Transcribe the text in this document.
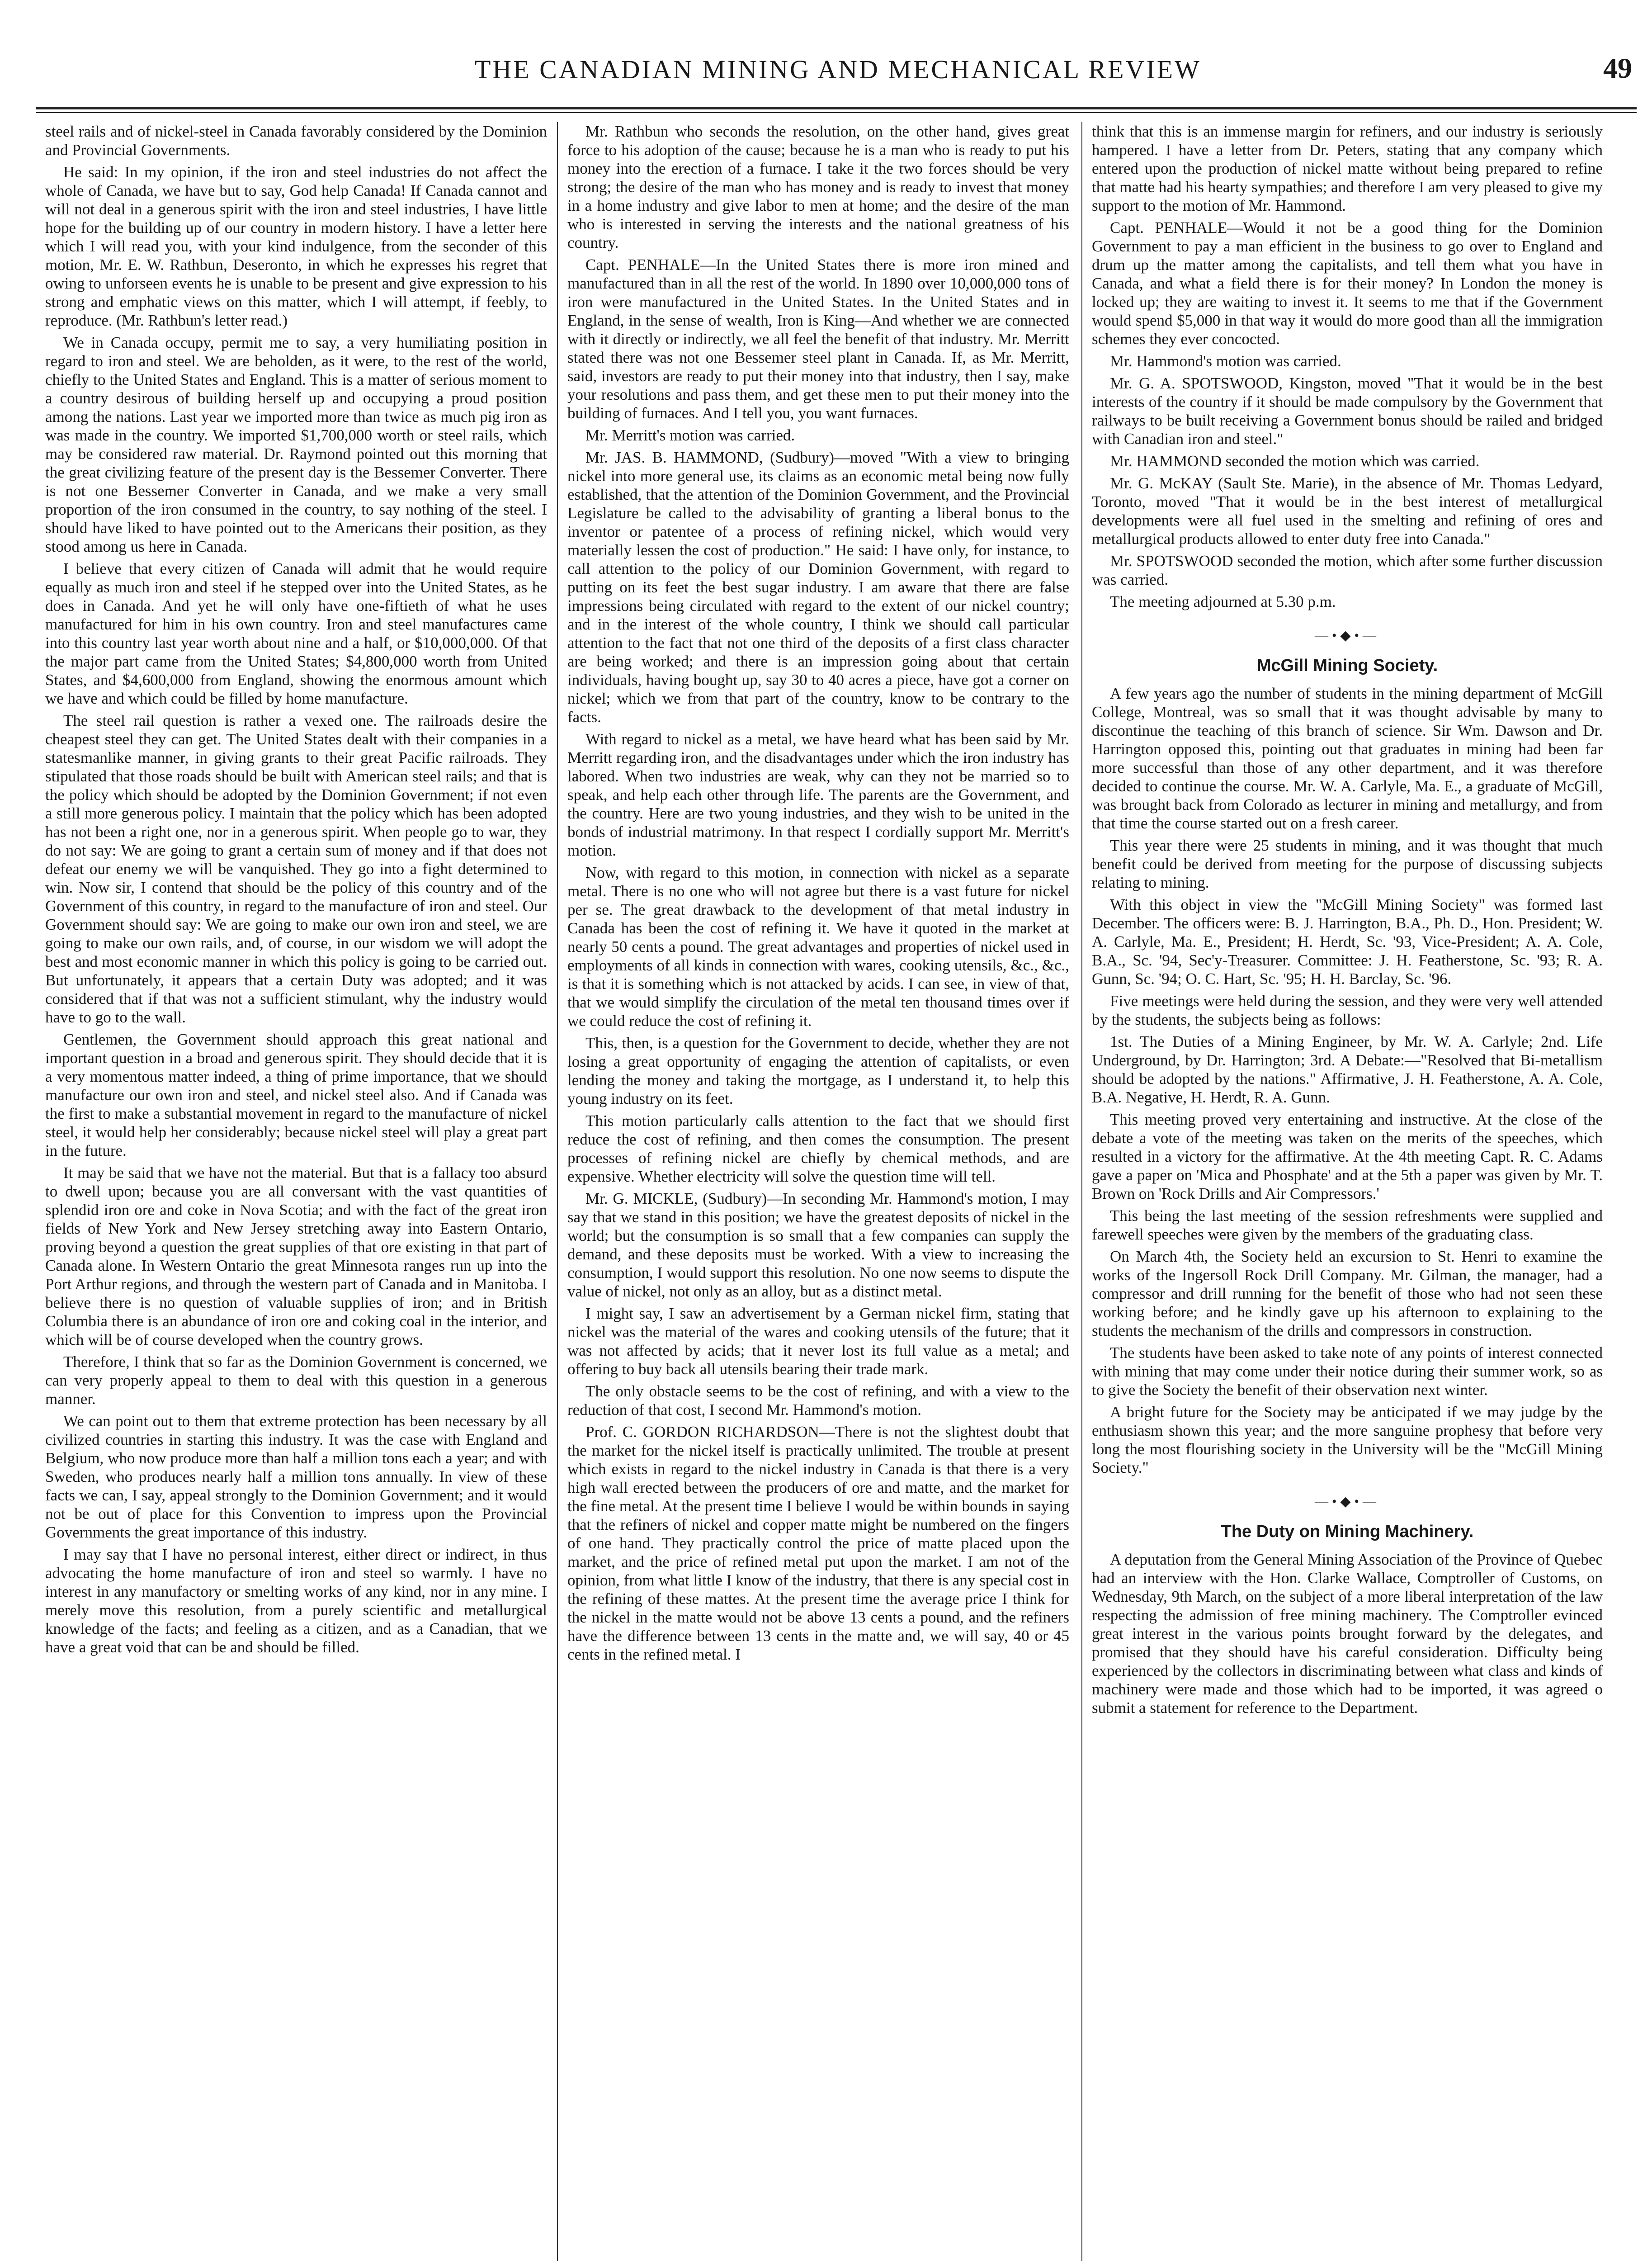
THE CANADIAN MINING AND MECHANICAL REVIEW	49

steel rails and of nickel-steel in Canada favorably considered by the Dominion and Provincial Governments.

He said: In my opinion, if the iron and steel industries do not affect the whole of Canada, we have but to say, God help Canada! If Canada cannot and will not deal in a generous spirit with the iron and steel industries, I have little hope for the building up of our country in modern history. I have a letter here which I will read you, with your kind indulgence, from the seconder of this motion, Mr. E. W. Rathbun, Deseronto, in which he expresses his regret that owing to unforseen events he is unable to be present and give expression to his strong and emphatic views on this matter, which I will attempt, if feebly, to reproduce. (Mr. Rathbun's letter read.)

We in Canada occupy, permit me to say, a very humiliating position in regard to iron and steel. We are beholden, as it were, to the rest of the world, chiefly to the United States and England. This is a matter of serious moment to a country desirous of building herself up and occupying a proud position among the nations. Last year we imported more than twice as much pig iron as was made in the country. We imported $1,700,000 worth or steel rails, which may be considered raw material. Dr. Raymond pointed out this morning that the great civilizing feature of the present day is the Bessemer Converter. There is not one Bessemer Converter in Canada, and we make a very small proportion of the iron consumed in the country, to say nothing of the steel. I should have liked to have pointed out to the Americans their position, as they stood among us here in Canada.

I believe that every citizen of Canada will admit that he would require equally as much iron and steel if he stepped over into the United States, as he does in Canada. And yet he will only have one-fiftieth of what he uses manufactured for him in his own country. Iron and steel manufactures came into this country last year worth about nine and a half, or $10,000,000. Of that the major part came from the United States; $4,800,000 worth from United States, and $4,600,000 from England, showing the enormous amount which we have and which could be filled by home manufacture.

The steel rail question is rather a vexed one. The railroads desire the cheapest steel they can get. The United States dealt with their companies in a statesmanlike manner, in giving grants to their great Pacific railroads. They stipulated that those roads should be built with American steel rails; and that is the policy which should be adopted by the Dominion Government; if not even a still more generous policy. I maintain that the policy which has been adopted has not been a right one, nor in a generous spirit. When people go to war, they do not say: We are going to grant a certain sum of money and if that does not defeat our enemy we will be vanquished. They go into a fight determined to win. Now sir, I contend that should be the policy of this country and of the Government of this country, in regard to the manufacture of iron and steel. Our Government should say: We are going to make our own iron and steel, we are going to make our own rails, and, of course, in our wisdom we will adopt the best and most economic manner in which this policy is going to be carried out. But unfortunately, it appears that a certain Duty was adopted; and it was considered that if that was not a sufficient stimulant, why the industry would have to go to the wall.

Gentlemen, the Government should approach this great national and important question in a broad and generous spirit. They should decide that it is a very momentous matter indeed, a thing of prime importance, that we should manufacture our own iron and steel, and nickel steel also. And if Canada was the first to make a substantial movement in regard to the manufacture of nickel steel, it would help her considerably; because nickel steel will play a great part in the future.

It may be said that we have not the material. But that is a fallacy too absurd to dwell upon; because you are all conversant with the vast quantities of splendid iron ore and coke in Nova Scotia; and with the fact of the great iron fields of New York and New Jersey stretching away into Eastern Ontario, proving beyond a question the great supplies of that ore existing in that part of Canada alone. In Western Ontario the great Minnesota ranges run up into the Port Arthur regions, and through the western part of Canada and in Manitoba. I believe there is no question of valuable supplies of iron; and in British Columbia there is an abundance of iron ore and coking coal in the interior, and which will be of course developed when the country grows.

Therefore, I think that so far as the Dominion Government is concerned, we can very properly appeal to them to deal with this question in a generous manner.

We can point out to them that extreme protection has been necessary by all civilized countries in starting this industry. It was the case with England and Belgium, who now produce more than half a million tons each a year; and with Sweden, who produces nearly half a million tons annually. In view of these facts we can, I say, appeal strongly to the Dominion Government; and it would not be out of place for this Convention to impress upon the Provincial Governments the great importance of this industry.

I may say that I have no personal interest, either direct or indirect, in thus advocating the home manufacture of iron and steel so warmly. I have no interest in any manufactory or smelting works of any kind, nor in any mine. I merely move this resolution, from a purely scientific and metallurgical knowledge of the facts; and feeling as a citizen, and as a Canadian, that we have a great void that can be and should be filled.

Mr. Rathbun who seconds the resolution, on the other hand, gives great force to his adoption of the cause; because he is a man who is ready to put his money into the erection of a furnace. I take it the two forces should be very strong; the desire of the man who has money and is ready to invest that money in a home industry and give labor to men at home; and the desire of the man who is interested in serving the interests and the national greatness of his country.

Capt. PENHALE—In the United States there is more iron mined and manufactured than in all the rest of the world. In 1890 over 10,000,000 tons of iron were manufactured in the United States. In the United States and in England, in the sense of wealth, Iron is King—And whether we are connected with it directly or indirectly, we all feel the benefit of that industry. Mr. Merritt stated there was not one Bessemer steel plant in Canada. If, as Mr. Merritt, said, investors are ready to put their money into that industry, then I say, make your resolutions and pass them, and get these men to put their money into the building of furnaces. And I tell you, you want furnaces.

Mr. Merritt's motion was carried.

Mr. JAS. B. HAMMOND, (Sudbury)—moved "With a view to bringing nickel into more general use, its claims as an economic metal being now fully established, that the attention of the Dominion Government, and the Provincial Legislature be called to the advisability of granting a liberal bonus to the inventor or patentee of a process of refining nickel, which would very materially lessen the cost of production." He said: I have only, for instance, to call attention to the policy of our Dominion Government, with regard to putting on its feet the best sugar industry. I am aware that there are false impressions being circulated with regard to the extent of our nickel country; and in the interest of the whole country, I think we should call particular attention to the fact that not one third of the deposits of a first class character are being worked; and there is an impression going about that certain individuals, having bought up, say 30 to 40 acres a piece, have got a corner on nickel; which we from that part of the country, know to be contrary to the facts.

With regard to nickel as a metal, we have heard what has been said by Mr. Merritt regarding iron, and the disadvantages under which the iron industry has labored. When two industries are weak, why can they not be married so to speak, and help each other through life. The parents are the Government, and the country. Here are two young industries, and they wish to be united in the bonds of industrial matrimony. In that respect I cordially support Mr. Merritt's motion.

Now, with regard to this motion, in connection with nickel as a separate metal. There is no one who will not agree but there is a vast future for nickel per se. The great drawback to the development of that metal industry in Canada has been the cost of refining it. We have it quoted in the market at nearly 50 cents a pound. The great advantages and properties of nickel used in employments of all kinds in connection with wares, cooking utensils, &c., &c., is that it is something which is not attacked by acids. I can see, in view of that, that we would simplify the circulation of the metal ten thousand times over if we could reduce the cost of refining it.

This, then, is a question for the Government to decide, whether they are not losing a great opportunity of engaging the attention of capitalists, or even lending the money and taking the mortgage, as I understand it, to help this young industry on its feet.

This motion particularly calls attention to the fact that we should first reduce the cost of refining, and then comes the consumption. The present processes of refining nickel are chiefly by chemical methods, and are expensive. Whether electricity will solve the question time will tell.

Mr. G. MICKLE, (Sudbury)—In seconding Mr. Hammond's motion, I may say that we stand in this position; we have the greatest deposits of nickel in the world; but the consumption is so small that a few companies can supply the demand, and these deposits must be worked. With a view to increasing the consumption, I would support this resolution. No one now seems to dispute the value of nickel, not only as an alloy, but as a distinct metal.

I might say, I saw an advertisement by a German nickel firm, stating that nickel was the material of the wares and cooking utensils of the future; that it was not affected by acids; that it never lost its full value as a metal; and offering to buy back all utensils bearing their trade mark.

The only obstacle seems to be the cost of refining, and with a view to the reduction of that cost, I second Mr. Hammond's motion.

Prof. C. GORDON RICHARDSON—There is not the slightest doubt that the market for the nickel itself is practically unlimited. The trouble at present which exists in regard to the nickel industry in Canada is that there is a very high wall erected between the producers of ore and matte, and the market for the fine metal. At the present time I believe I would be within bounds in saying that the refiners of nickel and copper matte might be numbered on the fingers of one hand. They practically control the price of matte placed upon the market, and the price of refined metal put upon the market. I am not of the opinion, from what little I know of the industry, that there is any special cost in the refining of these mattes. At the present time the average price I think for the nickel in the matte would not be above 13 cents a pound, and the refiners have the difference between 13 cents in the matte and, we will say, 40 or 45 cents in the refined metal. I

think that this is an immense margin for refiners, and our industry is seriously hampered. I have a letter from Dr. Peters, stating that any company which entered upon the production of nickel matte without being prepared to refine that matte had his hearty sympathies; and therefore I am very pleased to give my support to the motion of Mr. Hammond.

Capt. PENHALE—Would it not be a good thing for the Dominion Government to pay a man efficient in the business to go over to England and drum up the matter among the capitalists, and tell them what you have in Canada, and what a field there is for their money? In London the money is locked up; they are waiting to invest it. It seems to me that if the Government would spend $5,000 in that way it would do more good than all the immigration schemes they ever concocted.

Mr. Hammond's motion was carried.

Mr. G. A. SPOTSWOOD, Kingston, moved "That it would be in the best interests of the country if it should be made compulsory by the Government that railways to be built receiving a Government bonus should be railed and bridged with Canadian iron and steel."

Mr. HAMMOND seconded the motion which was carried.

Mr. G. McKAY (Sault Ste. Marie), in the absence of Mr. Thomas Ledyard, Toronto, moved "That it would be in the best interest of metallurgical developments were all fuel used in the smelting and refining of ores and metallurgical products allowed to enter duty free into Canada."

Mr. SPOTSWOOD seconded the motion, which after some further discussion was carried.

The meeting adjourned at 5.30 p.m.

—•◆•—
McGill Mining Society.

A few years ago the number of students in the mining department of McGill College, Montreal, was so small that it was thought advisable by many to discontinue the teaching of this branch of science. Sir Wm. Dawson and Dr. Harrington opposed this, pointing out that graduates in mining had been far more successful than those of any other department, and it was therefore decided to continue the course. Mr. W. A. Carlyle, Ma. E., a graduate of McGill, was brought back from Colorado as lecturer in mining and metallurgy, and from that time the course started out on a fresh career.

This year there were 25 students in mining, and it was thought that much benefit could be derived from meeting for the purpose of discussing subjects relating to mining.

With this object in view the "McGill Mining Society" was formed last December. The officers were: B. J. Harrington, B.A., Ph. D., Hon. President; W. A. Carlyle, Ma. E., President; H. Herdt, Sc. '93, Vice-President; A. A. Cole, B.A., Sc. '94, Sec'y-Treasurer. Committee: J. H. Featherstone, Sc. '93; R. A. Gunn, Sc. '94; O. C. Hart, Sc. '95; H. H. Barclay, Sc. '96.

Five meetings were held during the session, and they were very well attended by the students, the subjects being as follows:

1st. The Duties of a Mining Engineer, by Mr. W. A. Carlyle; 2nd. Life Underground, by Dr. Harrington; 3rd. A Debate:—"Resolved that Bi-metallism should be adopted by the nations." Affirmative, J. H. Featherstone, A. A. Cole, B.A. Negative, H. Herdt, R. A. Gunn.

This meeting proved very entertaining and instructive. At the close of the debate a vote of the meeting was taken on the merits of the speeches, which resulted in a victory for the affirmative. At the 4th meeting Capt. R. C. Adams gave a paper on 'Mica and Phosphate' and at the 5th a paper was given by Mr. T. Brown on 'Rock Drills and Air Compressors.'

This being the last meeting of the session refreshments were supplied and farewell speeches were given by the members of the graduating class.

On March 4th, the Society held an excursion to St. Henri to examine the works of the Ingersoll Rock Drill Company. Mr. Gilman, the manager, had a compressor and drill running for the benefit of those who had not seen these working before; and he kindly gave up his afternoon to explaining to the students the mechanism of the drills and compressors in construction.

The students have been asked to take note of any points of interest connected with mining that may come under their notice during their summer work, so as to give the Society the benefit of their observation next winter.

A bright future for the Society may be anticipated if we may judge by the enthusiasm shown this year; and the more sanguine prophesy that before very long the most flourishing society in the University will be the "McGill Mining Society."

—•◆•—
The Duty on Mining Machinery.

A deputation from the General Mining Association of the Province of Quebec had an interview with the Hon. Clarke Wallace, Comptroller of Customs, on Wednesday, 9th March, on the subject of a more liberal interpretation of the law respecting the admission of free mining machinery. The Comptroller evinced great interest in the various points brought forward by the delegates, and promised that they should have his careful consideration. Difficulty being experienced by the collectors in discriminating between what class and kinds of machinery were made and those which had to be imported, it was agreed o submit a statement for reference to the Department.
